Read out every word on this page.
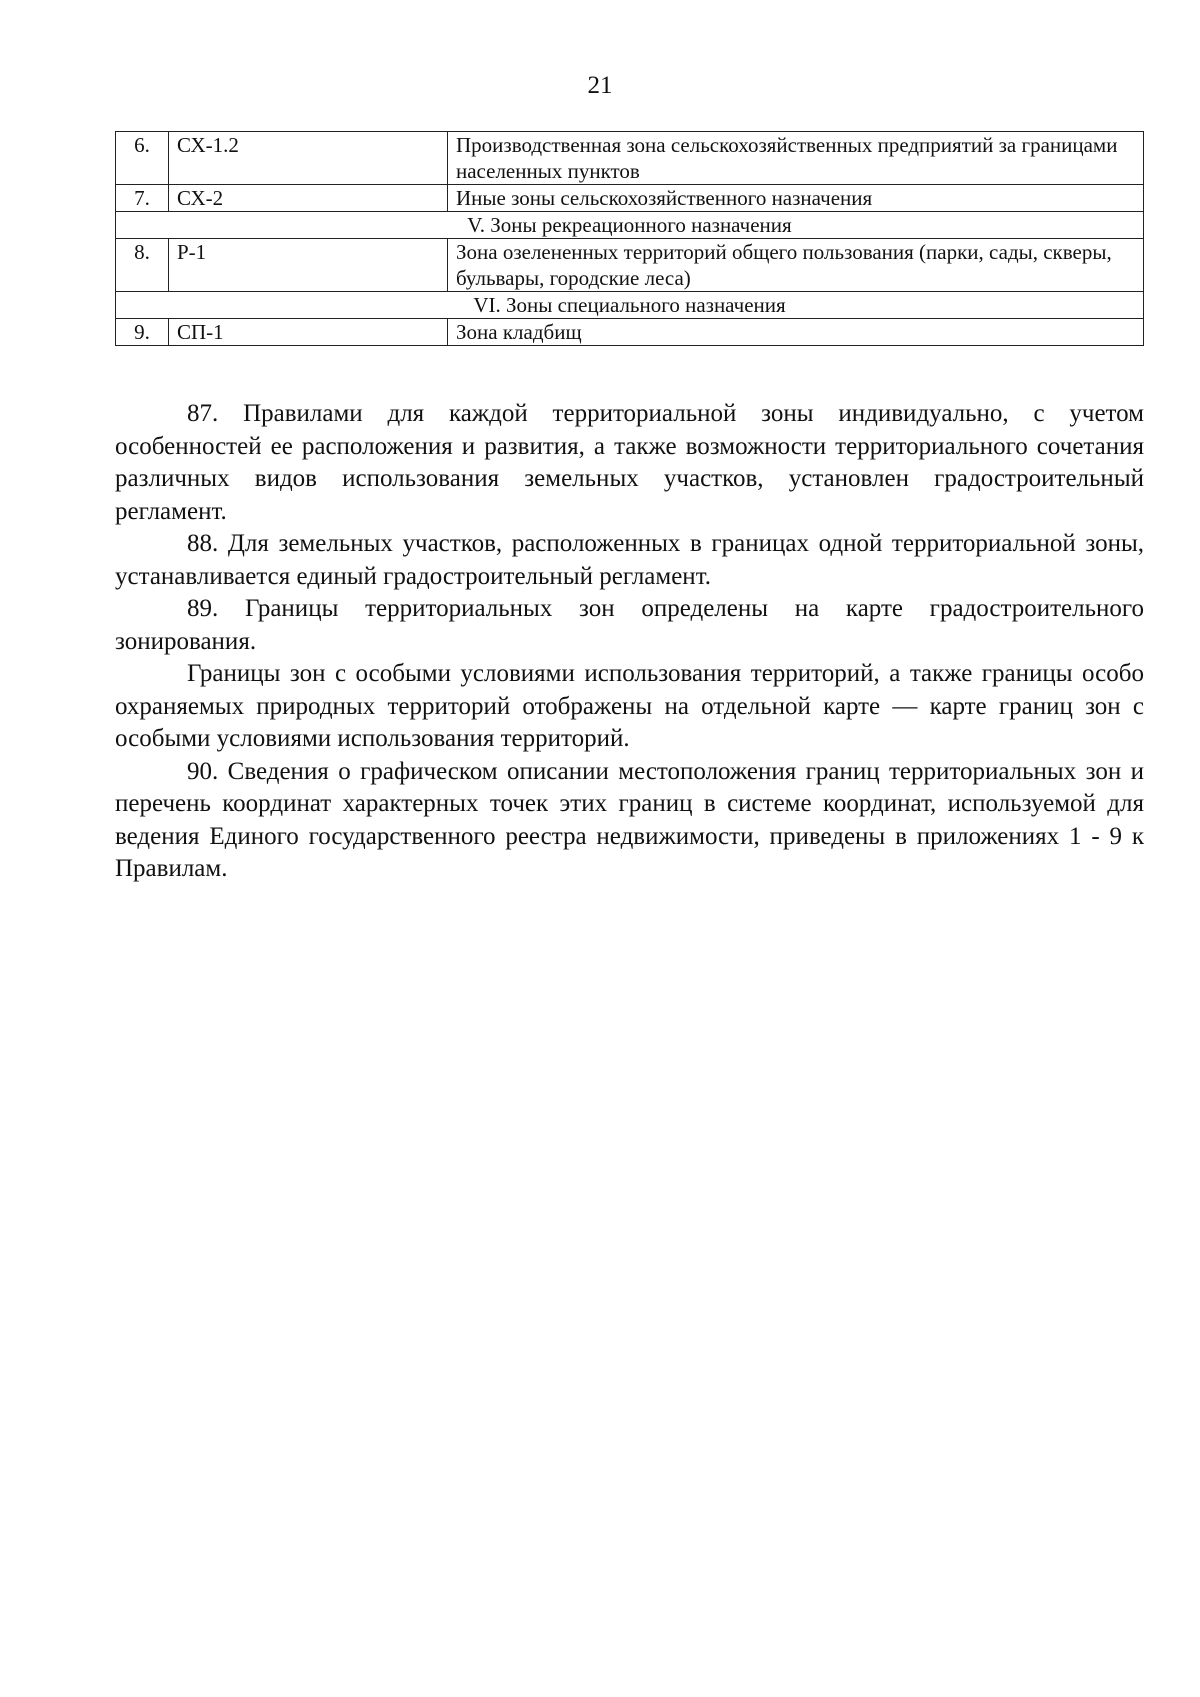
21
6.	СХ-1.2	Производственная зона сельскохозяйственных предприятий за границами населенных пунктов
7.	СХ-2	Иные зоны сельскохозяйственного назначения
V. Зоны рекреационного назначения		
8.	Р-1	Зона озелененных территорий общего пользования (парки, сады, скверы, бульвары, городские леса)
VI. Зоны специального назначения		
9.	СП-1	Зона кладбищ

87. Правилами для каждой территориальной зоны индивидуально, с учетом особенностей ее расположения и развития, а также возможности территориального сочетания различных видов использования земельных участков, установлен градостроительный регламент.

88. Для земельных участков, расположенных в границах одной территориальной зоны, устанавливается единый градостроительный регламент.

89. Границы территориальных зон определены на карте градостроительного зонирования.

Границы зон с особыми условиями использования территорий, а также границы особо охраняемых природных территорий отображены на отдельной карте — карте границ зон с особыми условиями использования территорий.

90. Сведения о графическом описании местоположения границ территориальных зон и перечень координат характерных точек этих границ в системе координат, используемой для ведения Единого государственного реестра недвижимости, приведены в приложениях 1 - 9 к Правилам.
